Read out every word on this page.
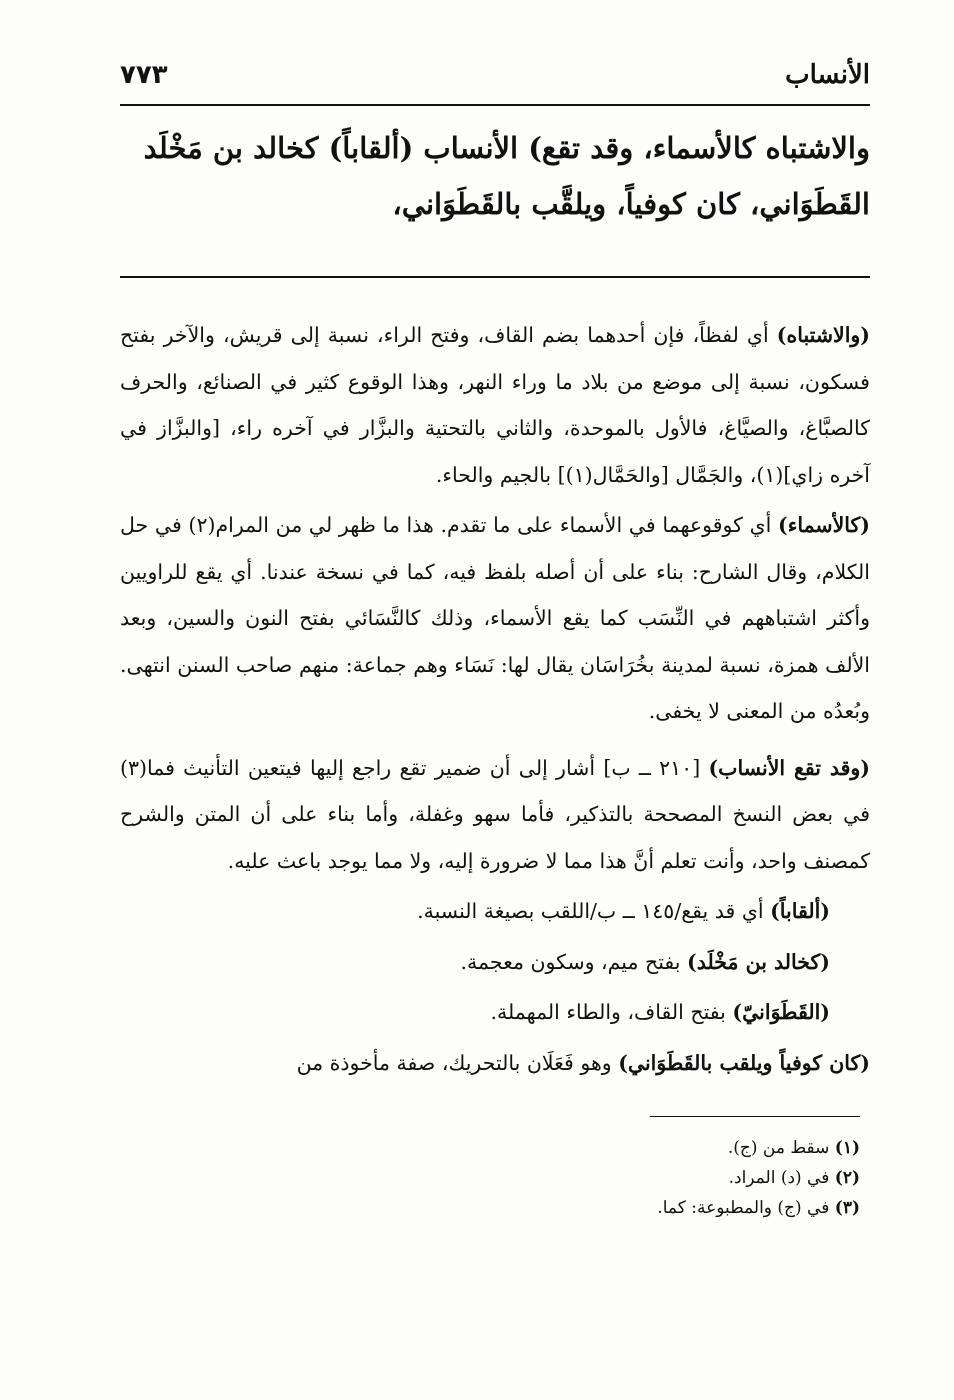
الأنساب
٧٧٣
والاشتباه كالأسماء، وقد تقع) الأنساب (ألقاباً) كخالد بن مَخْلَد
القَطَوَاني، كان كوفياً، ويلقَّب بالقَطَوَاني،

(والاشتباه) أي لفظاً، فإن أحدهما بضم القاف، وفتح الراء، نسبة إلى قريش، والآخر بفتح فسكون، نسبة إلى موضع من بلاد ما وراء النهر، وهذا الوقوع كثير في الصنائع، والحرف كالصبَّاغ، والصيَّاغ، فالأول بالموحدة، والثاني بالتحتية والبزَّار في آخره راء، [والبزَّاز في آخره زاي](١)، والجَمَّال [والحَمَّال(١)] بالجيم والحاء.

(كالأسماء) أي كوقوعهما في الأسماء على ما تقدم. هذا ما ظهر لي من المرام(٢) في حل الكلام، وقال الشارح: بناء على أن أصله بلفظ فيه، كما في نسخة عندنا. أي يقع للراويين وأكثر اشتباههم في النِّسَب كما يقع الأسماء، وذلك كالنَّسَائي بفتح النون والسين، وبعد الألف همزة، نسبة لمدينة بخُرَاسَان يقال لها: نَسَاء وهم جماعة: منهم صاحب السنن انتهى. وبُعدُه من المعنى لا يخفى.

(وقد تقع الأنساب) [٢١٠ ــ ب] أشار إلى أن ضمير تقع راجع إليها فيتعين التأنيث فما(٣) في بعض النسخ المصححة بالتذكير، فأما سهو وغفلة، وأما بناء على أن المتن والشرح كمصنف واحد، وأنت تعلم أنَّ هذا مما لا ضرورة إليه، ولا مما يوجد باعث عليه.

(ألقاباً) أي قد يقع/١٤٥ ــ ب/اللقب بصيغة النسبة.

(كخالد بن مَخْلَد) بفتح ميم، وسكون معجمة.

(القَطَوَانيّ) بفتح القاف، والطاء المهملة.

(كان كوفياً ويلقب بالقَطَوَاني) وهو فَعَلَان بالتحريك، صفة مأخوذة من

(١) سقط من (ج).
(٢) في (د) المراد.
(٣) في (ج) والمطبوعة: كما.
